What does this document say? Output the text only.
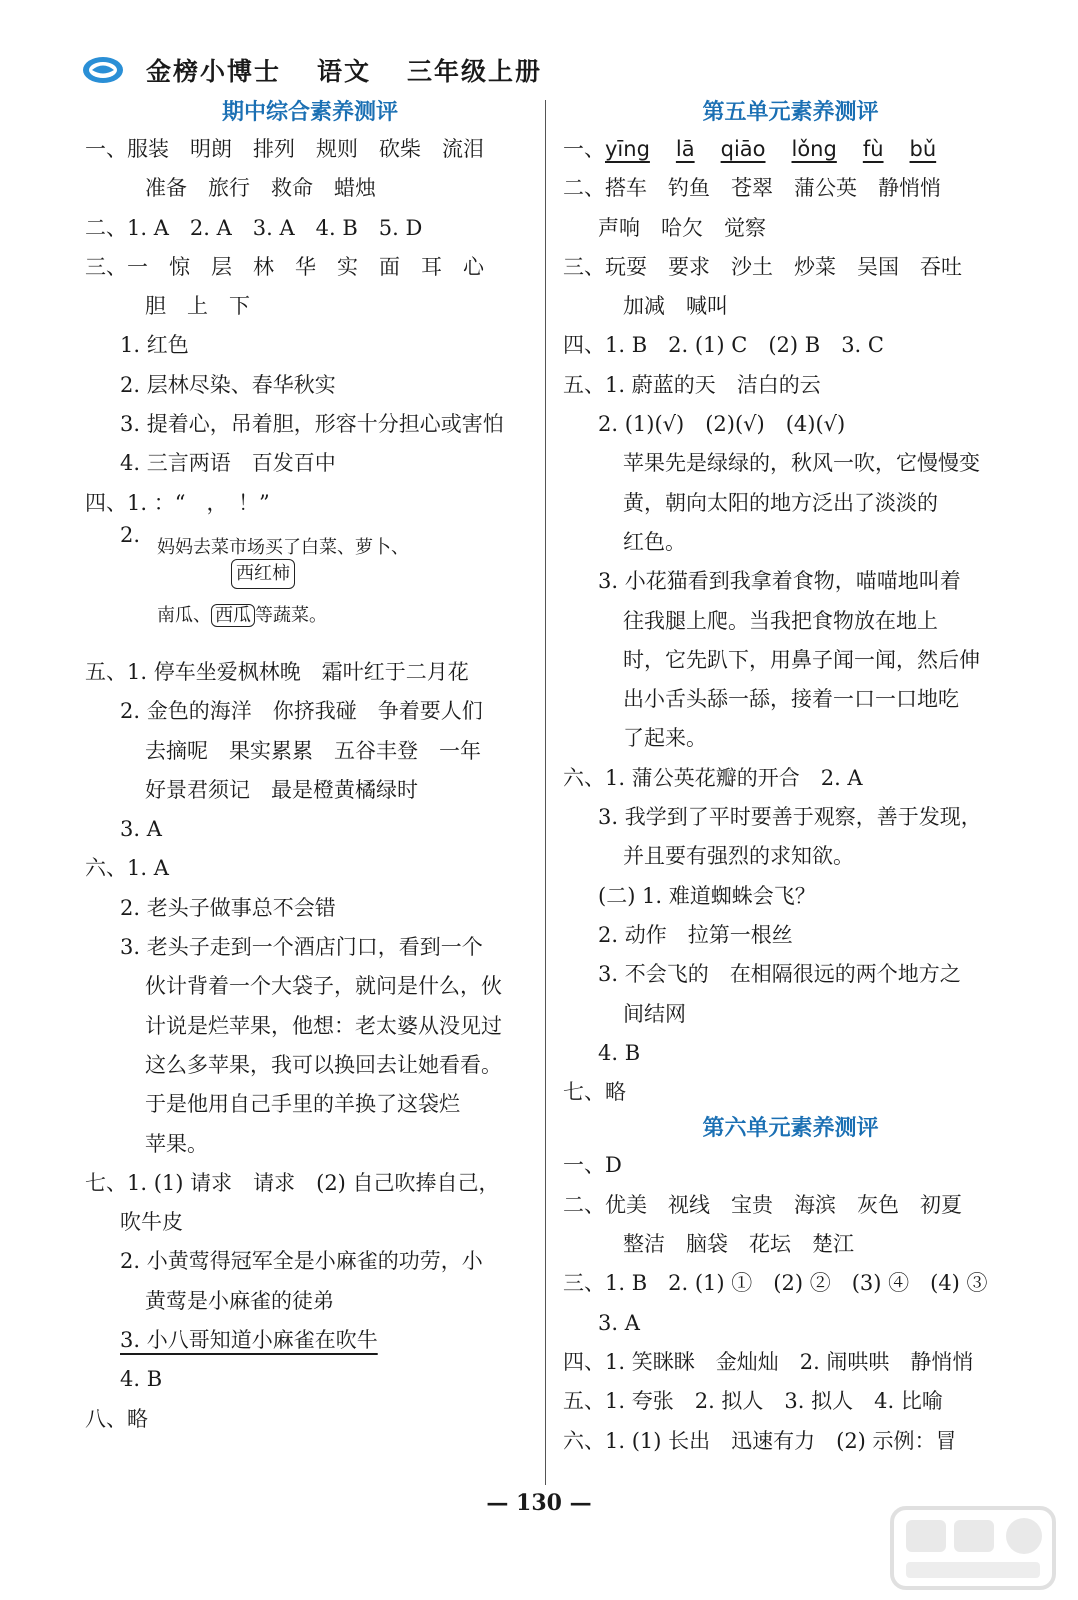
金榜小博士 语文 三年级上册
期中综合素养测评
一、服装　明朗　排列　规则　砍柴　流泪
准备　旅行　救命　蜡烛
二、1. A　2. A　3. A　4. B　5. D
三、一　惊　层　林　华　实　面　耳　心
胆　上　下
1. 红色
2. 层林尽染、春华秋实
3. 提着心，吊着胆，形容十分担心或害怕
4. 三言两语　百发百中
四、1. ：“　，　！”
2.
妈妈去菜市场买了白菜、萝卜、
西红柿
南瓜、 西瓜 等蔬菜。
五、1. 停车坐爱枫林晚　霜叶红于二月花
2. 金色的海洋　你挤我碰　争着要人们
去摘呢　果实累累　五谷丰登　一年
好景君须记　最是橙黄橘绿时
3. A
六、1. A
2. 老头子做事总不会错
3. 老头子走到一个酒店门口，看到一个
伙计背着一个大袋子，就问是什么，伙
计说是烂苹果，他想：老太婆从没见过
这么多苹果，我可以换回去让她看看。
于是他用自己手里的羊换了这袋烂
苹果。
七、1. (1) 请求　请求　(2) 自己吹捧自己，
吹牛皮
2. 小黄莺得冠军全是小麻雀的功劳，小
黄莺是小麻雀的徒弟
3. 小八哥知道小麻雀在吹牛
4. B
八、略
第五单元素养测评
一、yīng lā qiāo lǒng fù bǔ
二、搭车　钓鱼　苍翠　蒲公英　静悄悄
声响　哈欠　觉察
三、玩耍　要求　沙土　炒菜　吴国　吞吐
加减　喊叫
四、1. B　2. (1) C　(2) B　3. C
五、1. 蔚蓝的天　洁白的云
2. (1)(√)　(2)(√)　(4)(√)
苹果先是绿绿的，秋风一吹，它慢慢变
黄，朝向太阳的地方泛出了淡淡的
红色。
3. 小花猫看到我拿着食物，喵喵地叫着
往我腿上爬。当我把食物放在地上
时，它先趴下，用鼻子闻一闻，然后伸
出小舌头舔一舔，接着一口一口地吃
了起来。
六、1. 蒲公英花瓣的开合　2. A
3. 我学到了平时要善于观察，善于发现，
并且要有强烈的求知欲。
(二) 1. 难道蜘蛛会飞？
2. 动作　拉第一根丝
3. 不会飞的　在相隔很远的两个地方之
间结网
4. B
七、略
第六单元素养测评
一、D
二、优美　视线　宝贵　海滨　灰色　初夏
整洁　脑袋　花坛　楚江
三、1. B　2. (1) ①　(2) ②　(3) ④　(4) ③
3. A
四、1. 笑眯眯　金灿灿　2. 闹哄哄　静悄悄
五、1. 夸张　2. 拟人　3. 拟人　4. 比喻
六、1. (1) 长出　迅速有力　(2) 示例：冒
— 130 —
